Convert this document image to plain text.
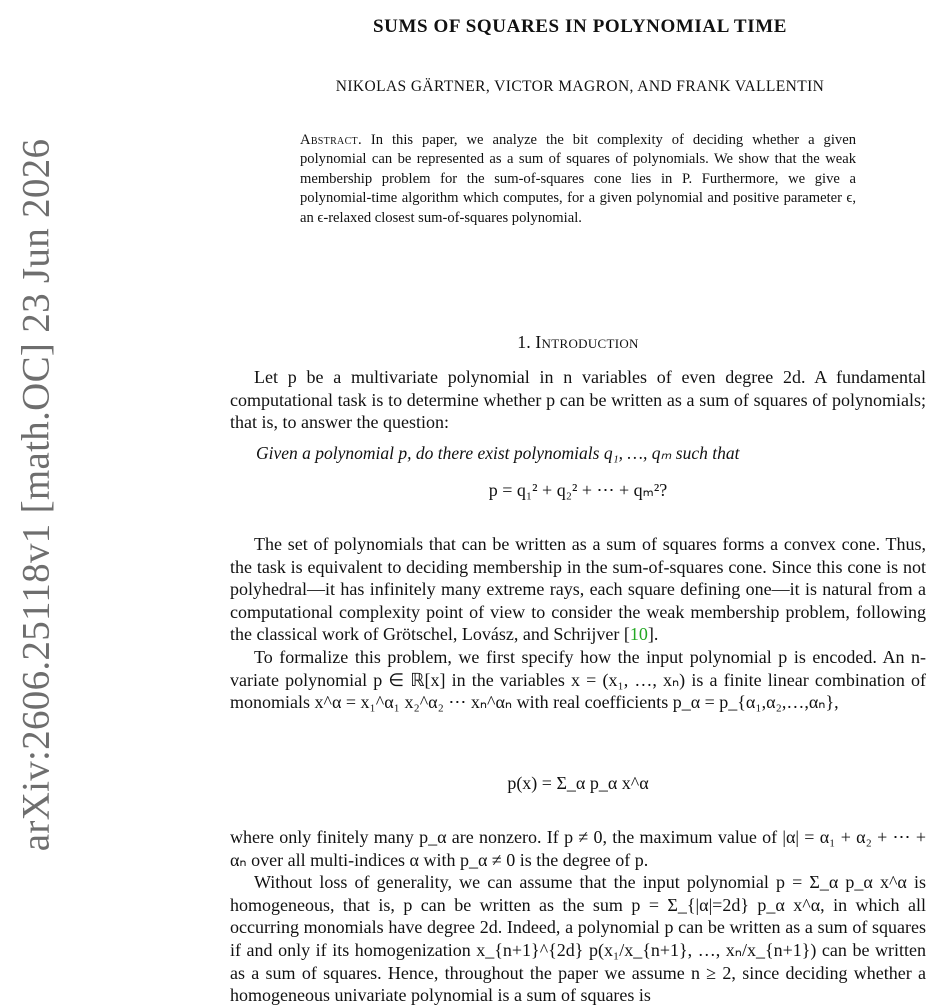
arXiv:2606.25118v1 [math.OC] 23 Jun 2026
SUMS OF SQUARES IN POLYNOMIAL TIME
NIKOLAS GÄRTNER, VICTOR MAGRON, AND FRANK VALLENTIN
Abstract. In this paper, we analyze the bit complexity of deciding whether a given polynomial can be represented as a sum of squares of polynomials. We show that the weak membership problem for the sum-of-squares cone lies in P. Furthermore, we give a polynomial-time algorithm which computes, for a given polynomial and positive parameter ϵ, an ϵ-relaxed closest sum-of-squares polynomial.
1. Introduction

Let p be a multivariate polynomial in n variables of even degree 2d. A fundamental computational task is to determine whether p can be written as a sum of squares of polynomials; that is, to answer the question:

Given a polynomial p, do there exist polynomials q₁, …, qₘ such that
p = q₁² + q₂² + ⋯ + qₘ²?

The set of polynomials that can be written as a sum of squares forms a convex cone. Thus, the task is equivalent to deciding membership in the sum-of-squares cone. Since this cone is not polyhedral—it has infinitely many extreme rays, each square defining one—it is natural from a computational complexity point of view to consider the weak membership problem, following the classical work of Grötschel, Lovász, and Schrijver [10].

To formalize this problem, we first specify how the input polynomial p is encoded. An n-variate polynomial p ∈ ℝ[x] in the variables x = (x₁, …, xₙ) is a finite linear combination of monomials x^α = x₁^α₁ x₂^α₂ ⋯ xₙ^αₙ with real coefficients p_α = p_{α₁,α₂,…,αₙ},

p(x) = Σ_α p_α x^α

where only finitely many p_α are nonzero. If p ≠ 0, the maximum value of |α| = α₁ + α₂ + ⋯ + αₙ over all multi-indices α with p_α ≠ 0 is the degree of p.

Without loss of generality, we can assume that the input polynomial p = Σ_α p_α x^α is homogeneous, that is, p can be written as the sum p = Σ_{|α|=2d} p_α x^α, in which all occurring monomials have degree 2d. Indeed, a polynomial p can be written as a sum of squares if and only if its homogenization x_{n+1}^{2d} p(x₁/x_{n+1}, …, xₙ/x_{n+1}) can be written as a sum of squares. Hence, throughout the paper we assume n ≥ 2, since deciding whether a homogeneous univariate polynomial is a sum of squares is
